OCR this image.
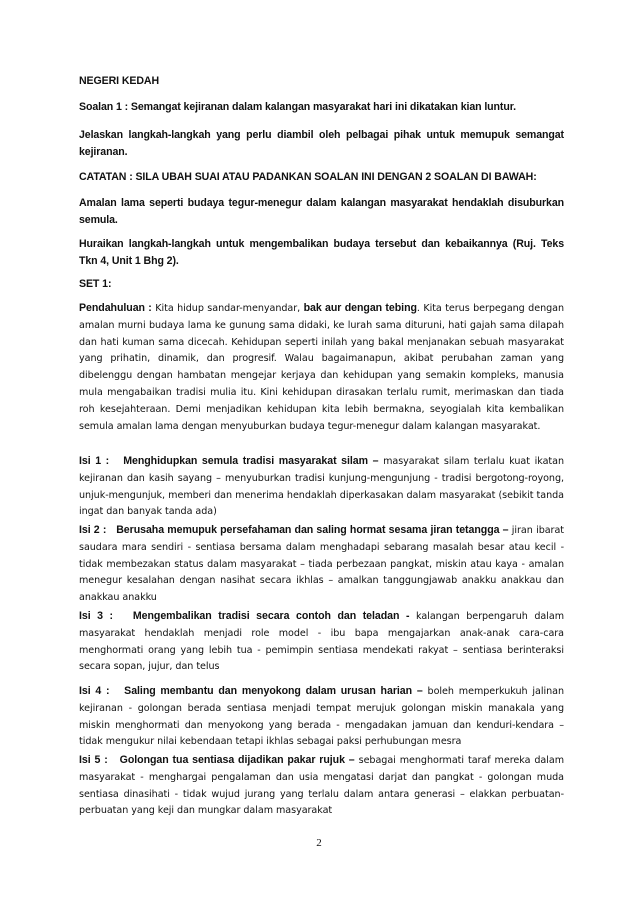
NEGERI KEDAH

Soalan 1 : Semangat kejiranan dalam kalangan masyarakat hari ini dikatakan kian luntur.

Jelaskan langkah-langkah yang perlu diambil oleh pelbagai pihak untuk memupuk semangat kejiranan.

CATATAN : SILA UBAH SUAI ATAU PADANKAN SOALAN INI DENGAN 2 SOALAN DI BAWAH:

Amalan lama seperti budaya tegur-menegur dalam kalangan masyarakat hendaklah disuburkan semula.

Huraikan langkah-langkah untuk mengembalikan budaya tersebut dan kebaikannya (Ruj. Teks Tkn 4, Unit 1 Bhg 2).

SET 1:

Pendahuluan : Kita hidup sandar-menyandar, bak aur dengan tebing. Kita terus berpegang dengan amalan murni budaya lama ke gunung sama didaki, ke lurah sama dituruni, hati gajah sama dilapah dan hati kuman sama dicecah. Kehidupan seperti inilah yang bakal menjanakan sebuah masyarakat yang prihatin, dinamik, dan progresif. Walau bagaimanapun, akibat perubahan zaman yang dibelenggu dengan hambatan mengejar kerjaya dan kehidupan yang semakin kompleks, manusia mula mengabaikan tradisi mulia itu. Kini kehidupan dirasakan terlalu rumit, merimaskan dan tiada roh kesejahteraan. Demi menjadikan kehidupan kita lebih bermakna, seyogialah kita kembalikan semula amalan lama dengan menyuburkan budaya tegur-menegur dalam kalangan masyarakat.

Isi 1 : Menghidupkan semula tradisi masyarakat silam – masyarakat silam terlalu kuat ikatan kejiranan dan kasih sayang – menyuburkan tradisi kunjung-mengunjung - tradisi bergotong-royong, unjuk-mengunjuk, memberi dan menerima hendaklah diperkasakan dalam masyarakat (sebikit tanda ingat dan banyak tanda ada)

Isi 2 : Berusaha memupuk persefahaman dan saling hormat sesama jiran tetangga – jiran ibarat saudara mara sendiri - sentiasa bersama dalam menghadapi sebarang masalah besar atau kecil - tidak membezakan status dalam masyarakat – tiada perbezaan pangkat, miskin atau kaya - amalan menegur kesalahan dengan nasihat secara ikhlas – amalkan tanggungjawab anakku anakkau dan anakkau anakku

Isi 3 : Mengembalikan tradisi secara contoh dan teladan - kalangan berpengaruh dalam masyarakat hendaklah menjadi role model - ibu bapa mengajarkan anak-anak cara-cara menghormati orang yang lebih tua - pemimpin sentiasa mendekati rakyat – sentiasa berinteraksi secara sopan, jujur, dan telus

Isi 4 : Saling membantu dan menyokong dalam urusan harian – boleh memperkukuh jalinan kejiranan - golongan berada sentiasa menjadi tempat merujuk golongan miskin manakala yang miskin menghormati dan menyokong yang berada - mengadakan jamuan dan kenduri-kendara – tidak mengukur nilai kebendaan tetapi ikhlas sebagai paksi perhubungan mesra

Isi 5 : Golongan tua sentiasa dijadikan pakar rujuk – sebagai menghormati taraf mereka dalam masyarakat - menghargai pengalaman dan usia mengatasi darjat dan pangkat - golongan muda sentiasa dinasihati - tidak wujud jurang yang terlalu dalam antara generasi – elakkan perbuatan-perbuatan yang keji dan mungkar dalam masyarakat

2
